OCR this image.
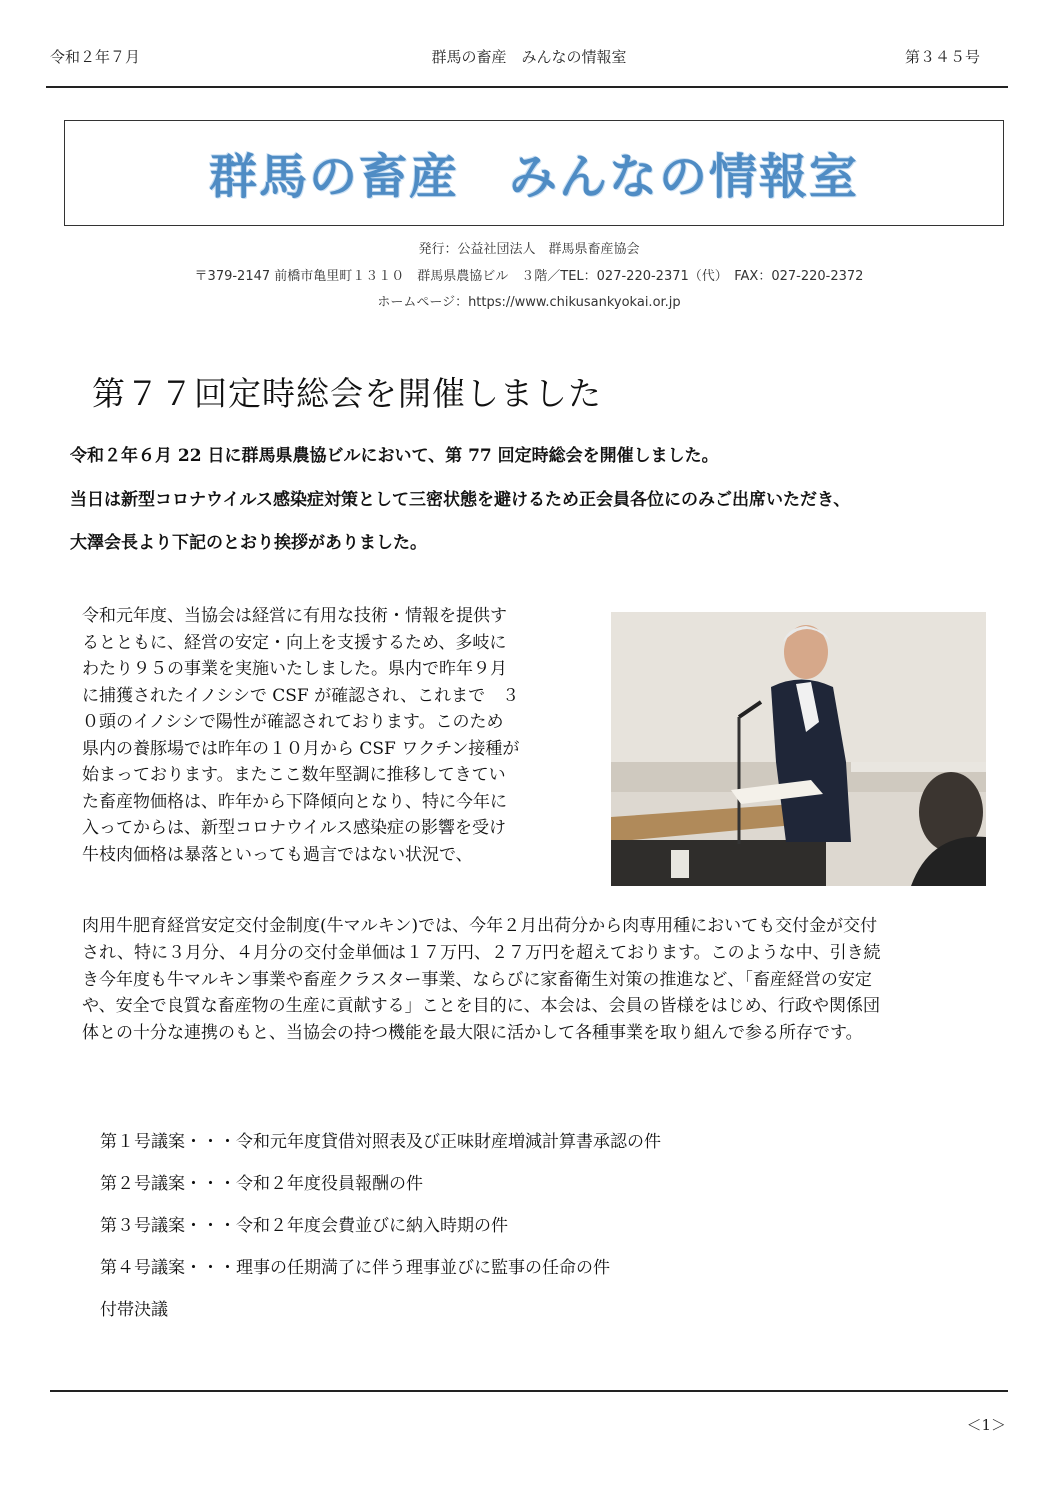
令和２年７月	群馬の畜産　みんなの情報室	第３４５号
群馬の畜産　みんなの情報室
発行：公益社団法人　群馬県畜産協会
〒379-2147 前橋市亀里町１３１０　群馬県農協ビル　３階／TEL：027-220-2371（代）　FAX：027-220-2372
ホームページ：https://www.chikusankyokai.or.jp
第７７回定時総会を開催しました
令和２年６月 22 日に群馬県農協ビルにおいて、第 77 回定時総会を開催しました。
当日は新型コロナウイルス感染症対策として三密状態を避けるため正会員各位にのみご出席いただき、
大澤会長より下記のとおり挨拶がありました。
令和元年度、当協会は経営に有用な技術・情報を提供す
るとともに、経営の安定・向上を支援するため、多岐に
わたり９５の事業を実施いたしました。県内で昨年９月
に捕獲されたイノシシで CSF が確認され、これまで　３
０頭のイノシシで陽性が確認されております。このため
県内の養豚場では昨年の１０月から CSF ワクチン接種が
始まっております。またここ数年堅調に推移してきてい
た畜産物価格は、昨年から下降傾向となり、特に今年に
入ってからは、新型コロナウイルス感染症の影響を受け
牛枝肉価格は暴落といっても過言ではない状況で、
肉用牛肥育経営安定交付金制度(牛マルキン)では、今年２月出荷分から肉専用種においても交付金が交付
され、特に３月分、４月分の交付金単価は１７万円、２７万円を超えております。このような中、引き続
き今年度も牛マルキン事業や畜産クラスター事業、ならびに家畜衛生対策の推進など、「畜産経営の安定
や、安全で良質な畜産物の生産に貢献する」ことを目的に、本会は、会員の皆様をはじめ、行政や関係団
体との十分な連携のもと、当協会の持つ機能を最大限に活かして各種事業を取り組んで参る所存です。
第１号議案・・・令和元年度貸借対照表及び正味財産増減計算書承認の件
第２号議案・・・令和２年度役員報酬の件
第３号議案・・・令和２年度会費並びに納入時期の件
第４号議案・・・理事の任期満了に伴う理事並びに監事の任命の件
付帯決議
＜1＞
